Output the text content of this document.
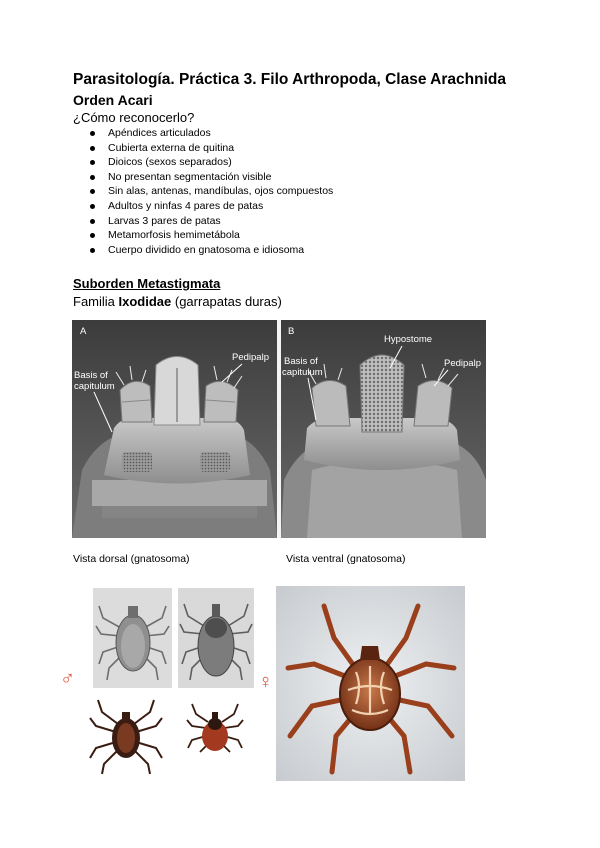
Parasitología. Práctica 3. Filo Arthropoda, Clase Arachnida
Orden Acari
¿Cómo reconocerlo?
Apéndices articulados
Cubierta externa de quitina
Dioicos (sexos separados)
No presentan segmentación visible
Sin alas, antenas, mandíbulas, ojos compuestos
Adultos y ninfas 4 pares de patas
Larvas 3 pares de patas
Metamorfosis hemimetábola
Cuerpo dividido en gnatosoma e idiosoma
Suborden Metastigmata
Familia Ixodidae (garrapatas duras)
A
Basis of
capitulum
Pedipalp
B
Hypostome
Basis of
capitulum
Pedipalp
Vista dorsal (gnatosoma)	Vista ventral (gnatosoma)
♂	♀
